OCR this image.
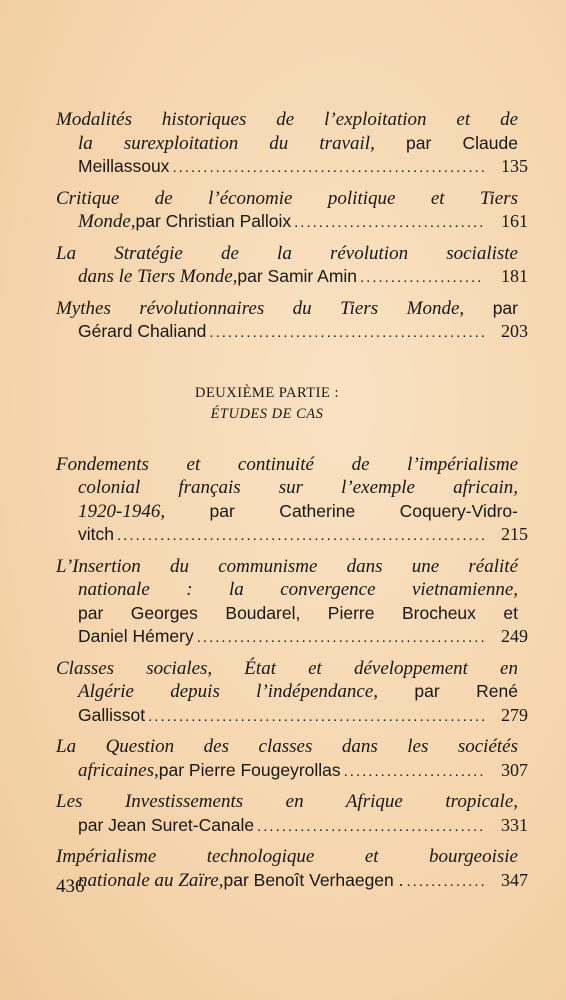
Modalités historiques de l’exploitation et de
la surexploitation du travail, par Claude
Meillassoux .....	135
Critique de l’économie politique et Tiers
Monde, par Christian Palloix .....	161
La Stratégie de la révolution socialiste
dans le Tiers Monde, par Samir Amin .....	181
Mythes révolutionnaires du Tiers Monde, par
Gérard Chaliand .....	203
DEUXIÈME PARTIE :
ÉTUDES DE CAS
Fondements et continuité de l’impérialisme
colonial français sur l’exemple africain,
1920-1946, par Catherine Coquery-Vidro-
vitch .....	215
L’Insertion du communisme dans une réalité
nationale : la convergence vietnamienne,
par Georges Boudarel, Pierre Brocheux et
Daniel Hémery .....	249
Classes sociales, État et développement en
Algérie depuis l’indépendance, par René
Gallissot .....	279
La Question des classes dans les sociétés
africaines, par Pierre Fougeyrollas .....	307
Les Investissements en Afrique tropicale,
par Jean Suret-Canale .....	331
Impérialisme technologique et bourgeoisie
nationale au Zaïre, par Benoît Verhaegen . .....	347
436
